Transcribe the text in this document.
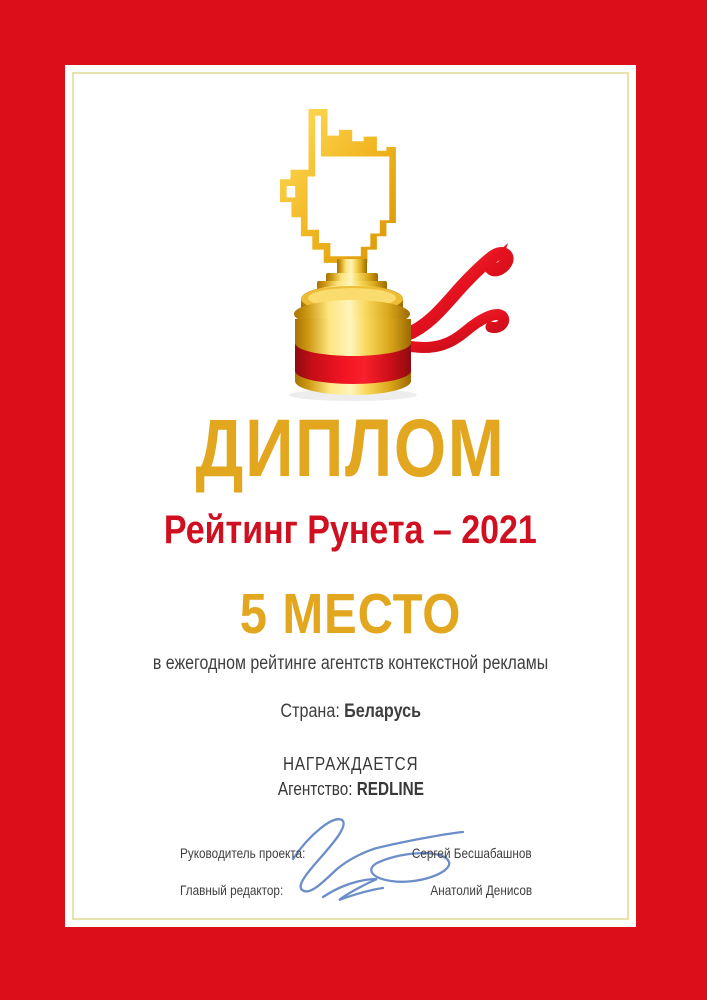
ДИПЛОМ
Рейтинг Рунета – 2021
5 МЕСТО
в ежегодном рейтинге агентств контекстной рекламы
Страна: Беларусь
НАГРАЖДАЕТСЯ
Агентство: REDLINE
Руководитель проекта:	Сергей Бесшабашнов
Главный редактор:	Анатолий Денисов
